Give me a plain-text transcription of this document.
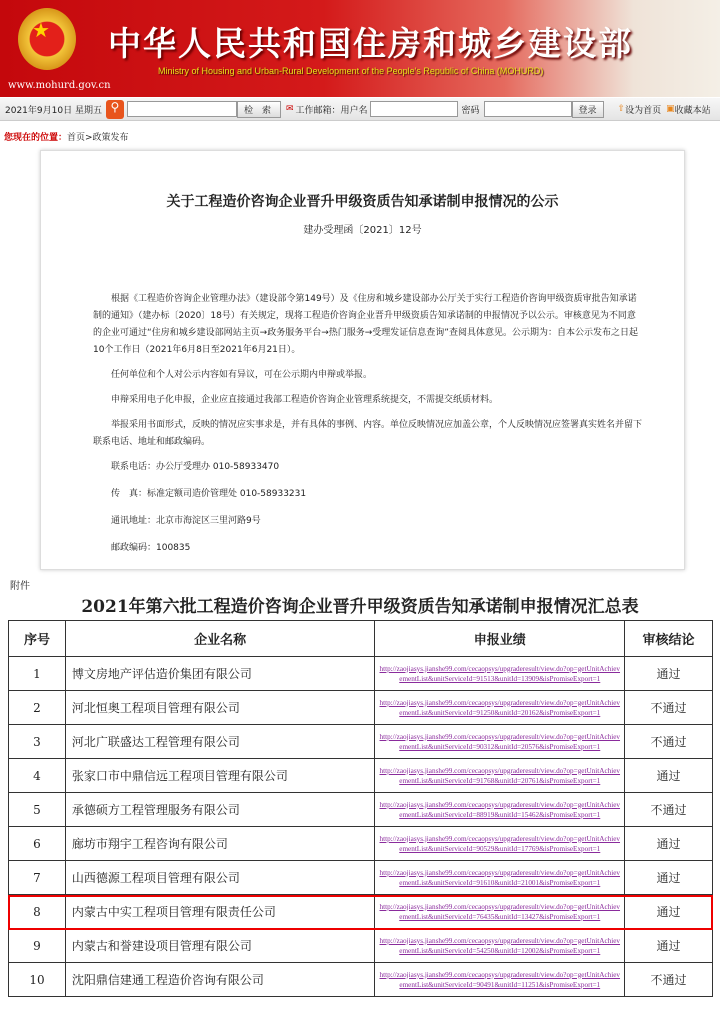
★
www.mohurd.gov.cn
中华人民共和国住房和城乡建设部
Ministry of Housing and Urban-Rural Development of the People's Republic of China (MOHURD)
2021年9月10日 星期五 ⚲	检　索	✉ 工作邮箱：用户名	密码	登录	⇧ 设为首页 ▣ 收藏本站
您现在的位置：首页>政策发布
关于工程造价咨询企业晋升甲级资质告知承诺制申报情况的公示
建办受理函〔2021〕12号

根据《工程造价咨询企业管理办法》（建设部令第149号）及《住房和城乡建设部办公厅关于实行工程造价咨询甲级资质审批告知承诺制的通知》（建办标〔2020〕18号）有关规定，现将工程造价咨询企业晋升甲级资质告知承诺制的申报情况予以公示。审核意见为不同意的企业可通过“住房和城乡建设部网站主页→政务服务平台→热门服务→受理发证信息查询”查阅具体意见。公示期为：自本公示发布之日起10个工作日（2021年6月8日至2021年6月21日）。

任何单位和个人对公示内容如有异议，可在公示期内申辩或举报。

申辩采用电子化申报，企业应直接通过我部工程造价咨询企业管理系统提交，不需提交纸质材料。

举报采用书面形式，反映的情况应实事求是，并有具体的事例、内容。单位反映情况应加盖公章，个人反映情况应签署真实姓名并留下联系电话、地址和邮政编码。

联系电话：办公厅受理办 010-58933470

传　真：标准定额司造价管理处 010-58933231

通讯地址：北京市海淀区三里河路9号

邮政编码：100835

附件
2021年第六批工程造价咨询企业晋升甲级资质告知承诺制申报情况汇总表
序号	企业名称	申报业绩	审核结论
1	博文房地产评估造价集团有限公司	http://zaojiasys.jianshe99.com/cecaopsys/upgraderesult/view.do?op=getUnitAchievementList&unitServiceId=91513&unitId=13909&isPromiseExport=1	通过
2	河北恒奥工程项目管理有限公司	http://zaojiasys.jianshe99.com/cecaopsys/upgraderesult/view.do?op=getUnitAchievementList&unitServiceId=91250&unitId=20162&isPromiseExport=1	不通过
3	河北广联盛达工程管理有限公司	http://zaojiasys.jianshe99.com/cecaopsys/upgraderesult/view.do?op=getUnitAchievementList&unitServiceId=90312&unitId=20576&isPromiseExport=1	不通过
4	张家口市中鼎信远工程项目管理有限公司	http://zaojiasys.jianshe99.com/cecaopsys/upgraderesult/view.do?op=getUnitAchievementList&unitServiceId=91768&unitId=20761&isPromiseExport=1	通过
5	承德硕方工程管理服务有限公司	http://zaojiasys.jianshe99.com/cecaopsys/upgraderesult/view.do?op=getUnitAchievementList&unitServiceId=88919&unitId=15462&isPromiseExport=1	不通过
6	廊坊市翔宇工程咨询有限公司	http://zaojiasys.jianshe99.com/cecaopsys/upgraderesult/view.do?op=getUnitAchievementList&unitServiceId=90529&unitId=17769&isPromiseExport=1	通过
7	山西德源工程项目管理有限公司	http://zaojiasys.jianshe99.com/cecaopsys/upgraderesult/view.do?op=getUnitAchievementList&unitServiceId=91610&unitId=21001&isPromiseExport=1	通过
8	内蒙古中实工程项目管理有限责任公司	http://zaojiasys.jianshe99.com/cecaopsys/upgraderesult/view.do?op=getUnitAchievementList&unitServiceId=76435&unitId=13427&isPromiseExport=1	通过
9	内蒙古和誉建设项目管理有限公司	http://zaojiasys.jianshe99.com/cecaopsys/upgraderesult/view.do?op=getUnitAchievementList&unitServiceId=54250&unitId=12002&isPromiseExport=1	通过
10	沈阳鼎信建通工程造价咨询有限公司	http://zaojiasys.jianshe99.com/cecaopsys/upgraderesult/view.do?op=getUnitAchievementList&unitServiceId=90491&unitId=11251&isPromiseExport=1	不通过
